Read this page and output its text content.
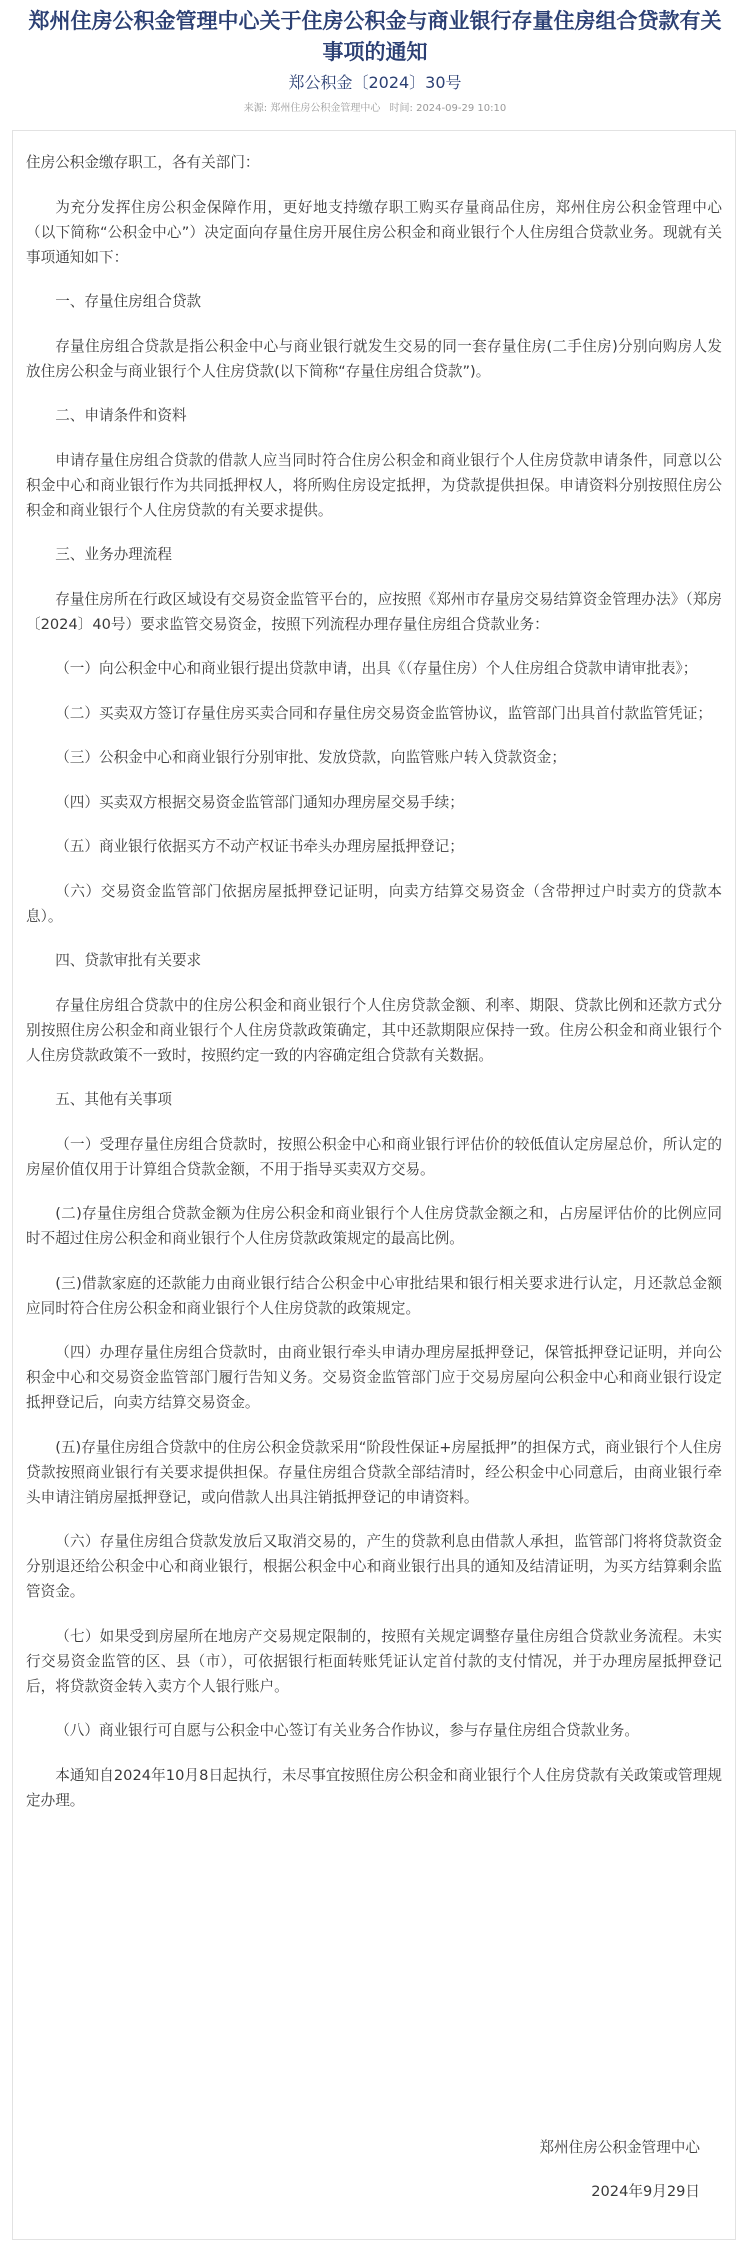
郑州住房公积金管理中心关于住房公积金与商业银行存量住房组合贷款有关事项的通知
郑公积金〔2024〕30号
来源: 郑州住房公积金管理中心 时间: 2024-09-29 10:10

住房公积金缴存职工，各有关部门：

为充分发挥住房公积金保障作用，更好地支持缴存职工购买存量商品住房，郑州住房公积金管理中心（以下简称“公积金中心”）决定面向存量住房开展住房公积金和商业银行个人住房组合贷款业务。现就有关事项通知如下：

一、存量住房组合贷款

存量住房组合贷款是指公积金中心与商业银行就发生交易的同一套存量住房(二手住房)分别向购房人发放住房公积金与商业银行个人住房贷款(以下简称“存量住房组合贷款”)。

二、申请条件和资料

申请存量住房组合贷款的借款人应当同时符合住房公积金和商业银行个人住房贷款申请条件，同意以公积金中心和商业银行作为共同抵押权人，将所购住房设定抵押，为贷款提供担保。申请资料分别按照住房公积金和商业银行个人住房贷款的有关要求提供。

三、业务办理流程

存量住房所在行政区域设有交易资金监管平台的，应按照《郑州市存量房交易结算资金管理办法》（郑房〔2024〕40号）要求监管交易资金，按照下列流程办理存量住房组合贷款业务：

（一）向公积金中心和商业银行提出贷款申请，出具《（存量住房）个人住房组合贷款申请审批表》；

（二）买卖双方签订存量住房买卖合同和存量住房交易资金监管协议，监管部门出具首付款监管凭证；

（三）公积金中心和商业银行分别审批、发放贷款，向监管账户转入贷款资金；

（四）买卖双方根据交易资金监管部门通知办理房屋交易手续；

（五）商业银行依据买方不动产权证书牵头办理房屋抵押登记；

（六）交易资金监管部门依据房屋抵押登记证明，向卖方结算交易资金（含带押过户时卖方的贷款本息）。

四、贷款审批有关要求

存量住房组合贷款中的住房公积金和商业银行个人住房贷款金额、利率、期限、贷款比例和还款方式分别按照住房公积金和商业银行个人住房贷款政策确定，其中还款期限应保持一致。住房公积金和商业银行个人住房贷款政策不一致时，按照约定一致的内容确定组合贷款有关数据。

五、其他有关事项

（一）受理存量住房组合贷款时，按照公积金中心和商业银行评估价的较低值认定房屋总价，所认定的房屋价值仅用于计算组合贷款金额，不用于指导买卖双方交易。

(二)存量住房组合贷款金额为住房公积金和商业银行个人住房贷款金额之和，占房屋评估价的比例应同时不超过住房公积金和商业银行个人住房贷款政策规定的最高比例。

(三)借款家庭的还款能力由商业银行结合公积金中心审批结果和银行相关要求进行认定，月还款总金额应同时符合住房公积金和商业银行个人住房贷款的政策规定。

（四）办理存量住房组合贷款时，由商业银行牵头申请办理房屋抵押登记，保管抵押登记证明，并向公积金中心和交易资金监管部门履行告知义务。交易资金监管部门应于交易房屋向公积金中心和商业银行设定抵押登记后，向卖方结算交易资金。

(五)存量住房组合贷款中的住房公积金贷款采用“阶段性保证+房屋抵押”的担保方式，商业银行个人住房贷款按照商业银行有关要求提供担保。存量住房组合贷款全部结清时，经公积金中心同意后，由商业银行牵头申请注销房屋抵押登记，或向借款人出具注销抵押登记的申请资料。

（六）存量住房组合贷款发放后又取消交易的，产生的贷款利息由借款人承担，监管部门将将贷款资金分别退还给公积金中心和商业银行，根据公积金中心和商业银行出具的通知及结清证明，为买方结算剩余监管资金。

（七）如果受到房屋所在地房产交易规定限制的，按照有关规定调整存量住房组合贷款业务流程。未实行交易资金监管的区、县（市），可依据银行柜面转账凭证认定首付款的支付情况，并于办理房屋抵押登记后，将贷款资金转入卖方个人银行账户。

（八）商业银行可自愿与公积金中心签订有关业务合作协议，参与存量住房组合贷款业务。

本通知自2024年10月8日起执行，未尽事宜按照住房公积金和商业银行个人住房贷款有关政策或管理规定办理。

郑州住房公积金管理中心
2024年9月29日
